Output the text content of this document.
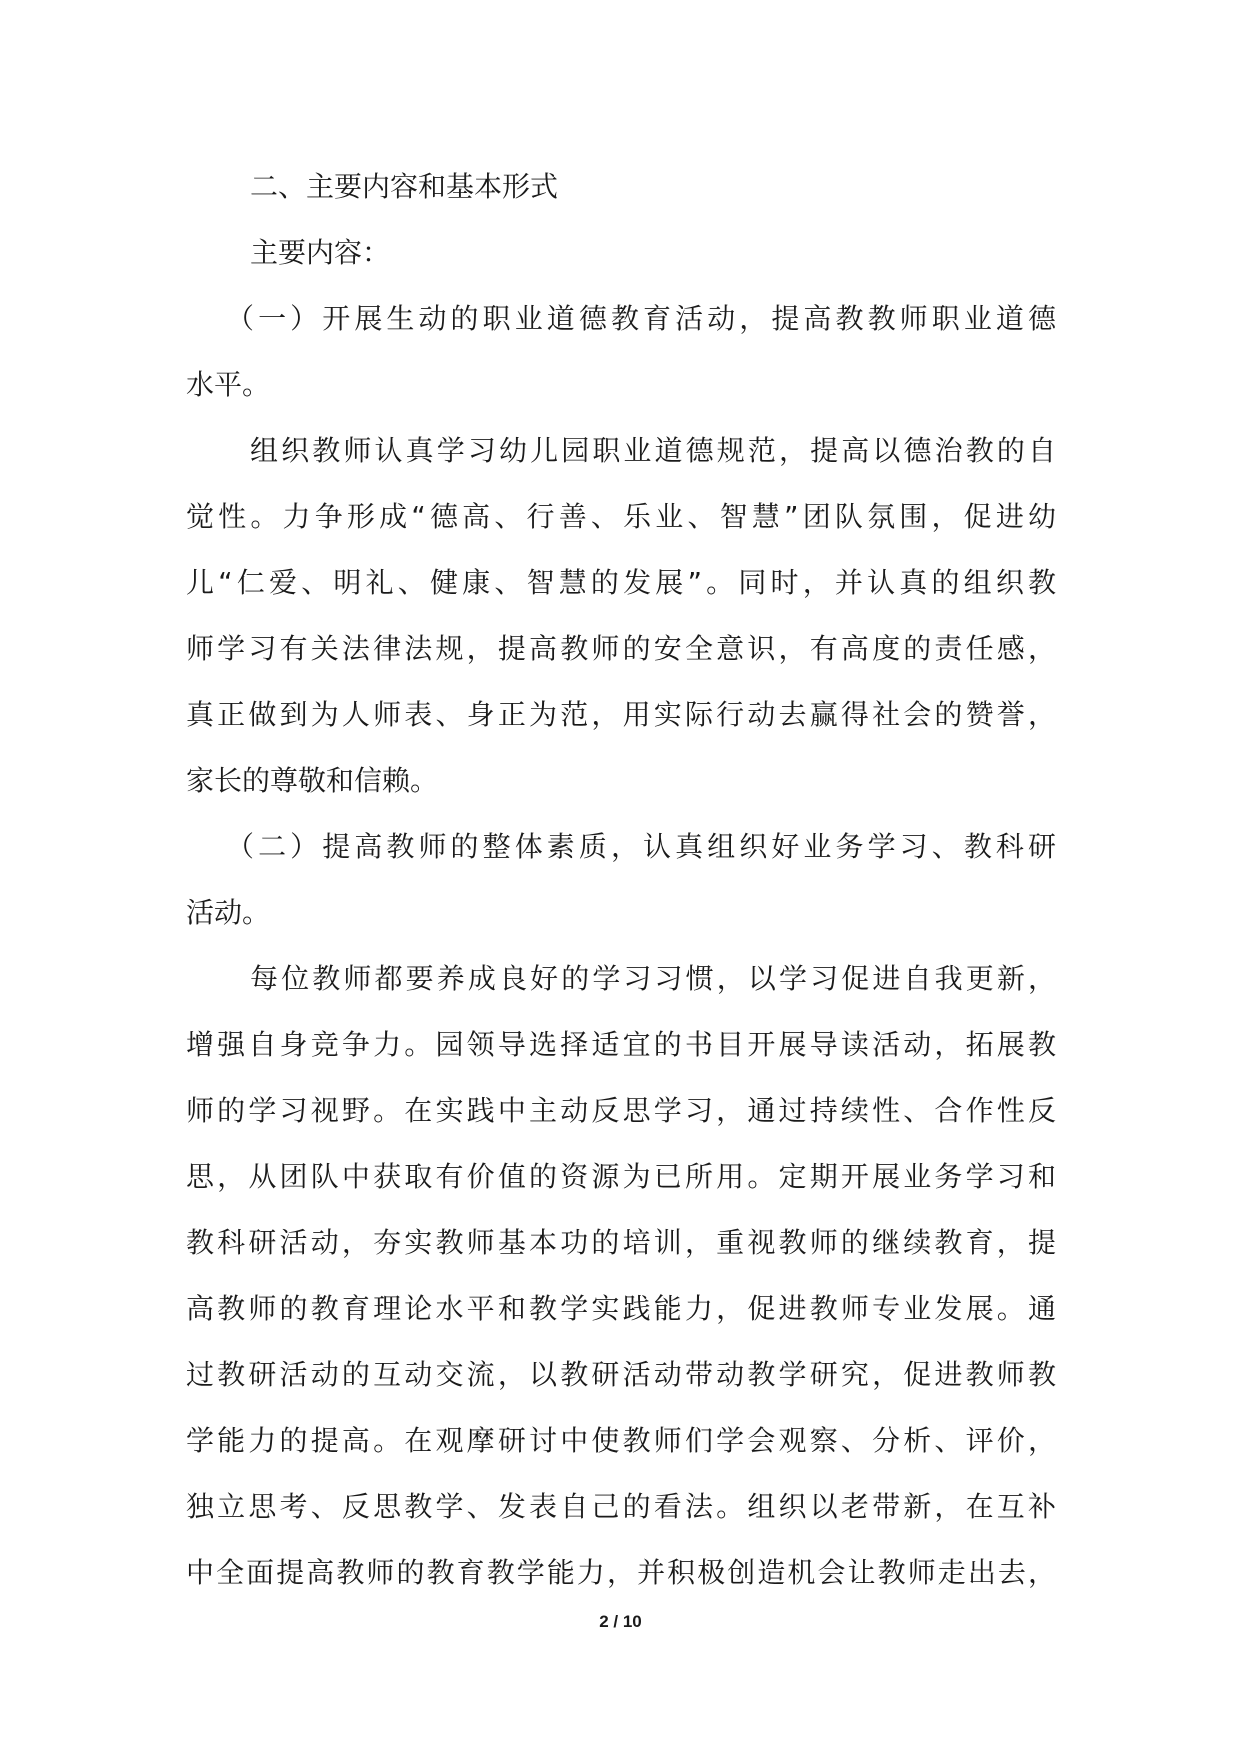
二、主要内容和基本形式
主要内容：
（一）开展生动的职业道德教育活动，提高教教师职业道德
水平。
组织教师认真学习幼儿园职业道德规范，提高以德治教的自
觉性。力争形成“德高、行善、乐业、智慧”团队氛围，促进幼
儿“仁爱、明礼、健康、智慧的发展”。同时，并认真的组织教
师学习有关法律法规，提高教师的安全意识，有高度的责任感，
真正做到为人师表、身正为范，用实际行动去赢得社会的赞誉，
家长的尊敬和信赖。
（二）提高教师的整体素质，认真组织好业务学习、教科研
活动。
每位教师都要养成良好的学习习惯，以学习促进自我更新，
增强自身竞争力。园领导选择适宜的书目开展导读活动，拓展教
师的学习视野。在实践中主动反思学习，通过持续性、合作性反
思，从团队中获取有价值的资源为已所用。定期开展业务学习和
教科研活动，夯实教师基本功的培训，重视教师的继续教育，提
高教师的教育理论水平和教学实践能力，促进教师专业发展。通
过教研活动的互动交流，以教研活动带动教学研究，促进教师教
学能力的提高。在观摩研讨中使教师们学会观察、分析、评价，
独立思考、反思教学、发表自己的看法。组织以老带新，在互补
中全面提高教师的教育教学能力，并积极创造机会让教师走出去，
2 / 10
